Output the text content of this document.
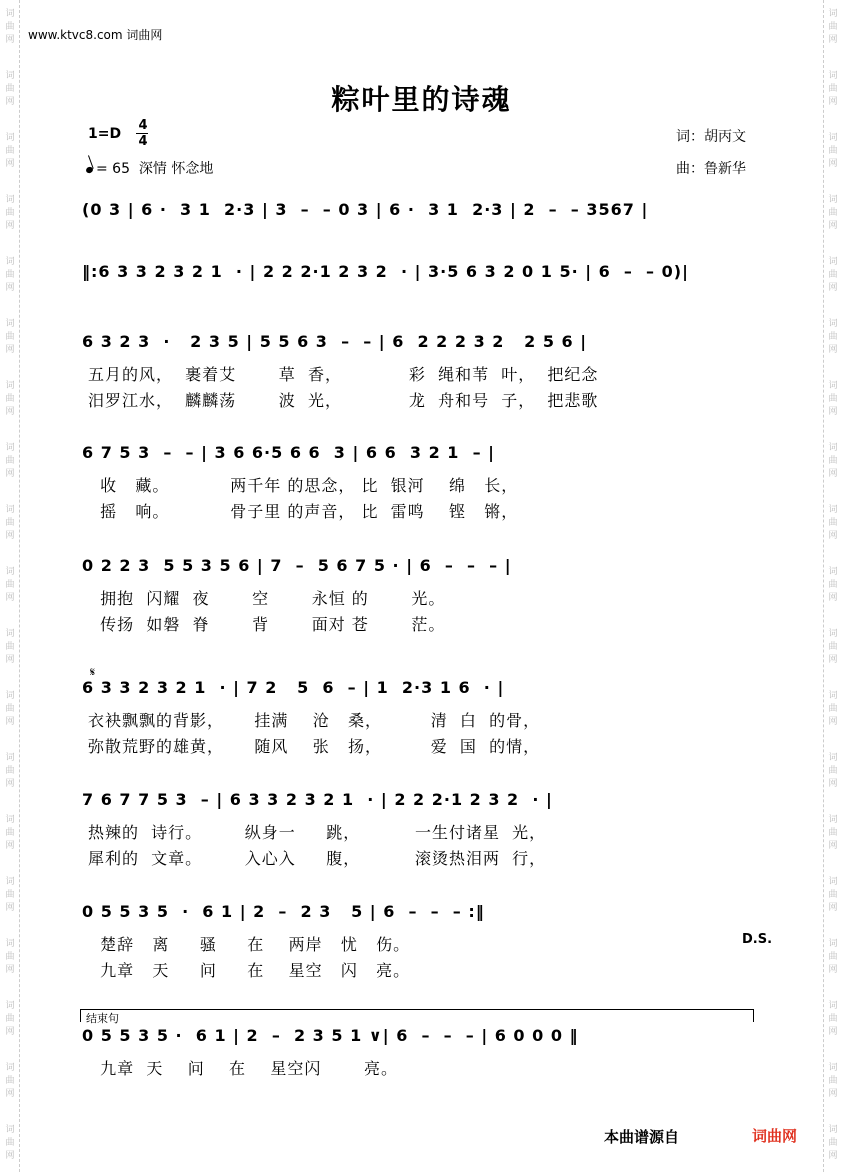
词
曲
网
词
曲
网
词
曲
网
词
曲
网
词
曲
网
词
曲
网
词
曲
网
词
曲
网
词
曲
网
词
曲
网
词
曲
网
词
曲
网
词
曲
网
词
曲
网
词
曲
网
词
曲
网
词
曲
网
词
曲
网
词
曲
网
词
曲
网
词
曲
网
词
曲
网
词
曲
网
词
曲
网
词
曲
网
词
曲
网
词
曲
网
词
曲
网
词
曲
网
词
曲
网
词
曲
网
词
曲
网
词
曲
网
词
曲
网
词
曲
网
词
曲
网
词
曲
网
词
曲
网
www.ktvc8.com 词曲网
粽叶里的诗魂
1=D
4
4
= 65 深情 怀念地
词：胡丙文
曲：鲁新华
(0 3 | 6 ·  3 1  2·3 | 3  –  – 0 3 | 6 ·  3 1  2·3 | 2  –  – 3567 |
‖:6 3 3 2 3 2 1  · | 2 2 2·1 2 3 2  · | 3·5 6 3 2 0 1 5· | 6  –  – 0)|
6 3 2 3  ·   2 3 5 | 5 5 6 3  –  – | 6  2 2 2 3 2   2 5 6 |
五月的风，  裹着艾       草  香，           彩  绳和苇  叶，  把纪念
汨罗江水，  麟麟荡       波  光，           龙  舟和号  子，  把悲歌
6 7 5 3  –  – | 3 6 6·5 6 6  3 | 6 6  3 2 1  – |
收   藏。          两千年 的思念， 比  银河    绵   长，
摇   响。          骨子里 的声音， 比  雷鸣    铿   锵，
0 2 2 3  5 5 3 5 6 | 7  –  5 6 7 5 · | 6  –  –  – |
拥抱  闪耀  夜       空       永恒 的       光。
传扬  如磐  脊       背       面对 苍       茫。
6 3 3 2 3 2 1  · | 7 2   5  6  – | 1  2·3 1 6  · |
衣袂飘飘的背影，     挂满    沧   桑，        清  白  的骨，
弥散荒野的雄黄，     随风    张   扬，        爱  国  的情，
7 6 7 7 5 3  – | 6 3 3 2 3 2 1  · | 2 2 2·1 2 3 2  · |
热辣的  诗行。       纵身一     跳，         一生付诸星  光，
犀利的  文章。       入心入     腹，         滚烫热泪两  行，
0 5 5 3 5  ·  6 1 | 2  –  2 3   5 | 6  –  –  – :‖
楚辞   离     骚     在    两岸   忧   伤。
九章   天     问     在    星空   闪   亮。
0 5 5 3 5 ·  6 1 | 2  –  2 3 5 1 ∨| 6  –  –  – | 6 0 0 0 ‖
九章  天    问    在    星空闪       亮。
𝄋
D.S.
结束句
本曲谱源自	词曲网
